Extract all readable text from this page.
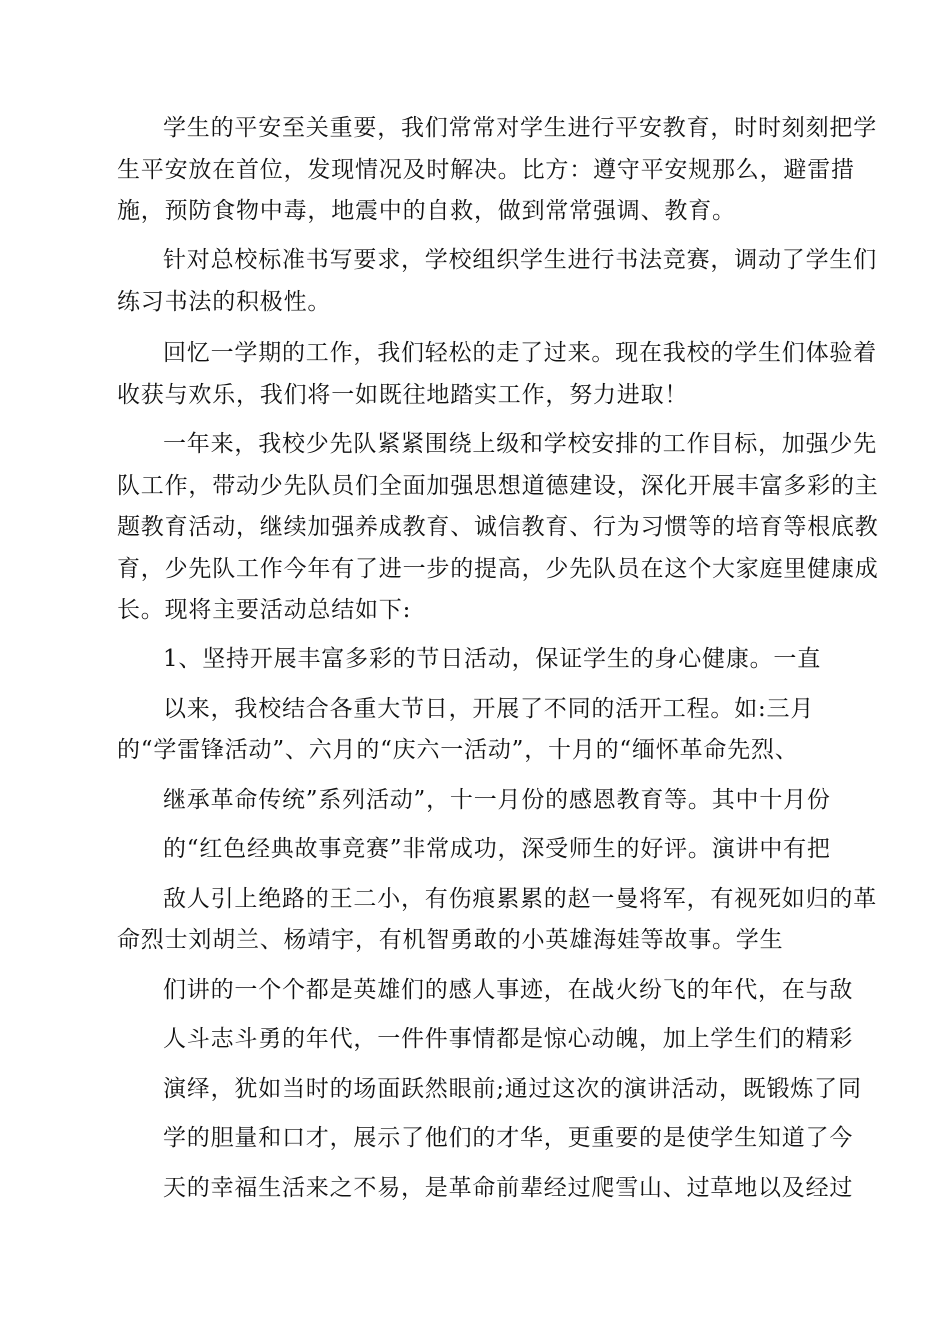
学生的平安至关重要，我们常常对学生进行平安教育，时时刻刻把学

生平安放在首位，发现情况及时解决。比方：遵守平安规那么，避雷措

施，预防食物中毒，地震中的自救，做到常常强调、教育。

针对总校标准书写要求，学校组织学生进行书法竞赛，调动了学生们

练习书法的积极性。

回忆一学期的工作，我们轻松的走了过来。现在我校的学生们体验着

收获与欢乐，我们将一如既往地踏实工作，努力进取！

一年来，我校少先队紧紧围绕上级和学校安排的工作目标，加强少先

队工作，带动少先队员们全面加强思想道德建设，深化开展丰富多彩的主

题教育活动，继续加强养成教育、诚信教育、行为习惯等的培育等根底教

育，少先队工作今年有了进一步的提高，少先队员在这个大家庭里健康成

长。现将主要活动总结如下:

1、坚持开展丰富多彩的节日活动，保证学生的身心健康。一直

以来，我校结合各重大节日，开展了不同的活开工程。如:三月

的“学雷锋活动”、六月的“庆六一活动”，十月的“缅怀革命先烈、

继承革命传统”系列活动”，十一月份的感恩教育等。其中十月份

的“红色经典故事竞赛”非常成功，深受师生的好评。演讲中有把

敌人引上绝路的王二小，有伤痕累累的赵一曼将军，有视死如归的革

命烈士刘胡兰、杨靖宇，有机智勇敢的小英雄海娃等故事。学生

们讲的一个个都是英雄们的感人事迹，在战火纷飞的年代，在与敌

人斗志斗勇的年代，一件件事情都是惊心动魄，加上学生们的精彩

演绎，犹如当时的场面跃然眼前;通过这次的演讲活动，既锻炼了同

学的胆量和口才，展示了他们的才华，更重要的是使学生知道了今

天的幸福生活来之不易，是革命前辈经过爬雪山、过草地以及经过
